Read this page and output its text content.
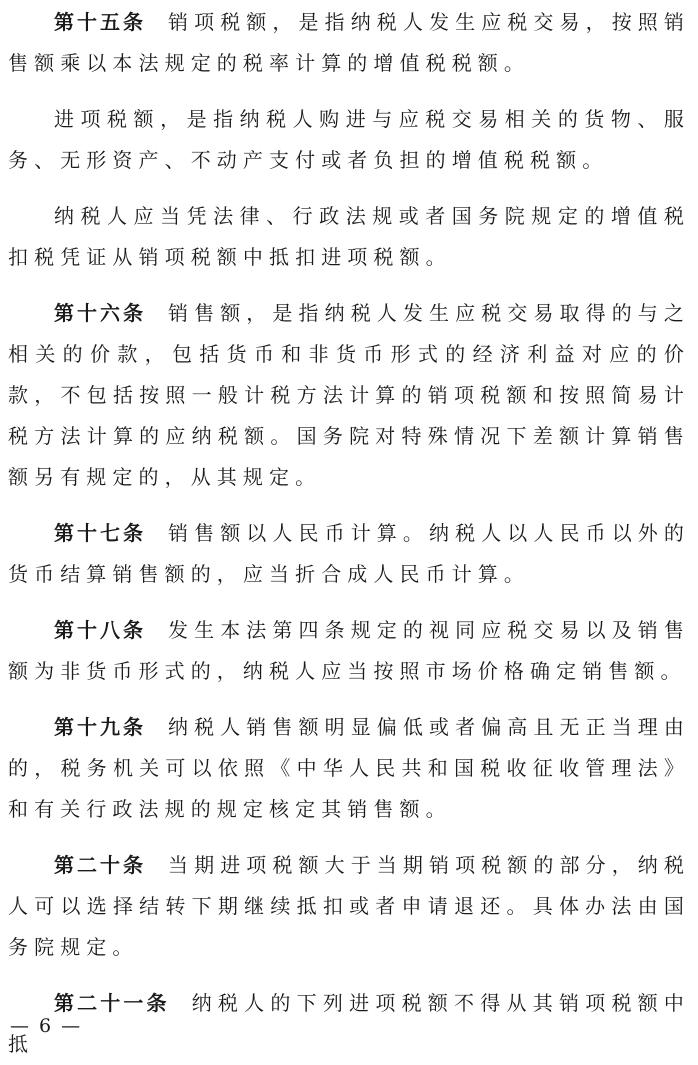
第十五条 销项税额，是指纳税人发生应税交易，按照销售额乘以本法规定的税率计算的增值税税额。

进项税额，是指纳税人购进与应税交易相关的货物、服务、无形资产、不动产支付或者负担的增值税税额。

纳税人应当凭法律、行政法规或者国务院规定的增值税扣税凭证从销项税额中抵扣进项税额。

第十六条 销售额，是指纳税人发生应税交易取得的与之相关的价款，包括货币和非货币形式的经济利益对应的价款，不包括按照一般计税方法计算的销项税额和按照简易计税方法计算的应纳税额。国务院对特殊情况下差额计算销售额另有规定的，从其规定。

第十七条 销售额以人民币计算。纳税人以人民币以外的货币结算销售额的，应当折合成人民币计算。

第十八条 发生本法第四条规定的视同应税交易以及销售额为非货币形式的，纳税人应当按照市场价格确定销售额。

第十九条 纳税人销售额明显偏低或者偏高且无正当理由的，税务机关可以依照《中华人民共和国税收征收管理法》和有关行政法规的规定核定其销售额。

第二十条 当期进项税额大于当期销项税额的部分，纳税人可以选择结转下期继续抵扣或者申请退还。具体办法由国务院规定。

第二十一条 纳税人的下列进项税额不得从其销项税额中抵

— 6 —
